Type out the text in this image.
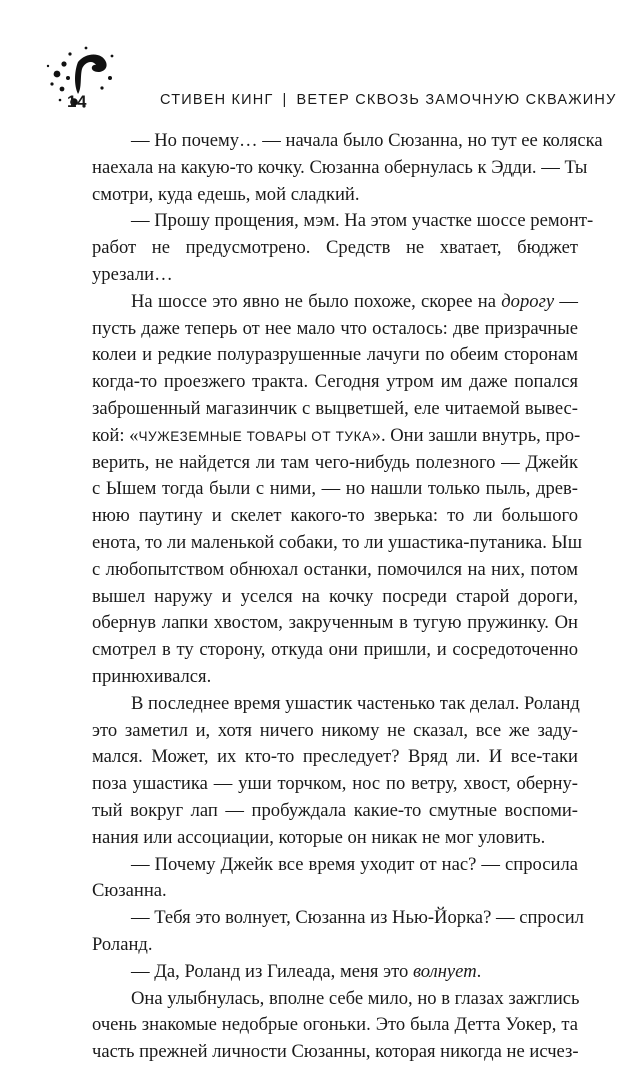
14	СТИВЕН КИНГ | ВЕТЕР СКВОЗЬ ЗАМОЧНУЮ СКВАЖИНУ
— Но почему… — начала было Сюзанна, но тут ее коляска
наехала на какую-то кочку. Сюзанна обернулась к Эдди. — Ты
смотри, куда едешь, мой сладкий.
— Прошу прощения, мэм. На этом участке шоссе ремонт-
работ не предусмотрено. Средств не хватает, бюджет
урезали…
На шоссе это явно не было похоже, скорее на дорогу —
пусть даже теперь от нее мало что осталось: две призрачные
колеи и редкие полуразрушенные лачуги по обеим сторонам
когда-то проезжего тракта. Сегодня утром им даже попался
заброшенный магазинчик с выцветшей, еле читаемой вывес-
кой: «ЧУЖЕЗЕМНЫЕ ТОВАРЫ ОТ ТУКА». Они зашли внутрь, про-
верить, не найдется ли там чего-нибудь полезного — Джейк
с Ышем тогда были с ними, — но нашли только пыль, древ-
нюю паутину и скелет какого-то зверька: то ли большого
енота, то ли маленькой собаки, то ли ушастика-путаника. Ыш
с любопытством обнюхал останки, помочился на них, потом
вышел наружу и уселся на кочку посреди старой дороги,
обернув лапки хвостом, закрученным в тугую пружинку. Он
смотрел в ту сторону, откуда они пришли, и сосредоточенно
принюхивался.
В последнее время ушастик частенько так делал. Роланд
это заметил и, хотя ничего никому не сказал, все же заду-
мался. Может, их кто-то преследует? Вряд ли. И все-таки
поза ушастика — уши торчком, нос по ветру, хвост, оберну-
тый вокруг лап — пробуждала какие-то смутные воспоми-
нания или ассоциации, которые он никак не мог уловить.
— Почему Джейк все время уходит от нас? — спросила
Сюзанна.
— Тебя это волнует, Сюзанна из Нью-Йорка? — спросил
Роланд.
— Да, Роланд из Гилеада, меня это волнует.
Она улыбнулась, вполне себе мило, но в глазах зажглись
очень знакомые недобрые огоньки. Это была Детта Уокер, та
часть прежней личности Сюзанны, которая никогда не исчез-
